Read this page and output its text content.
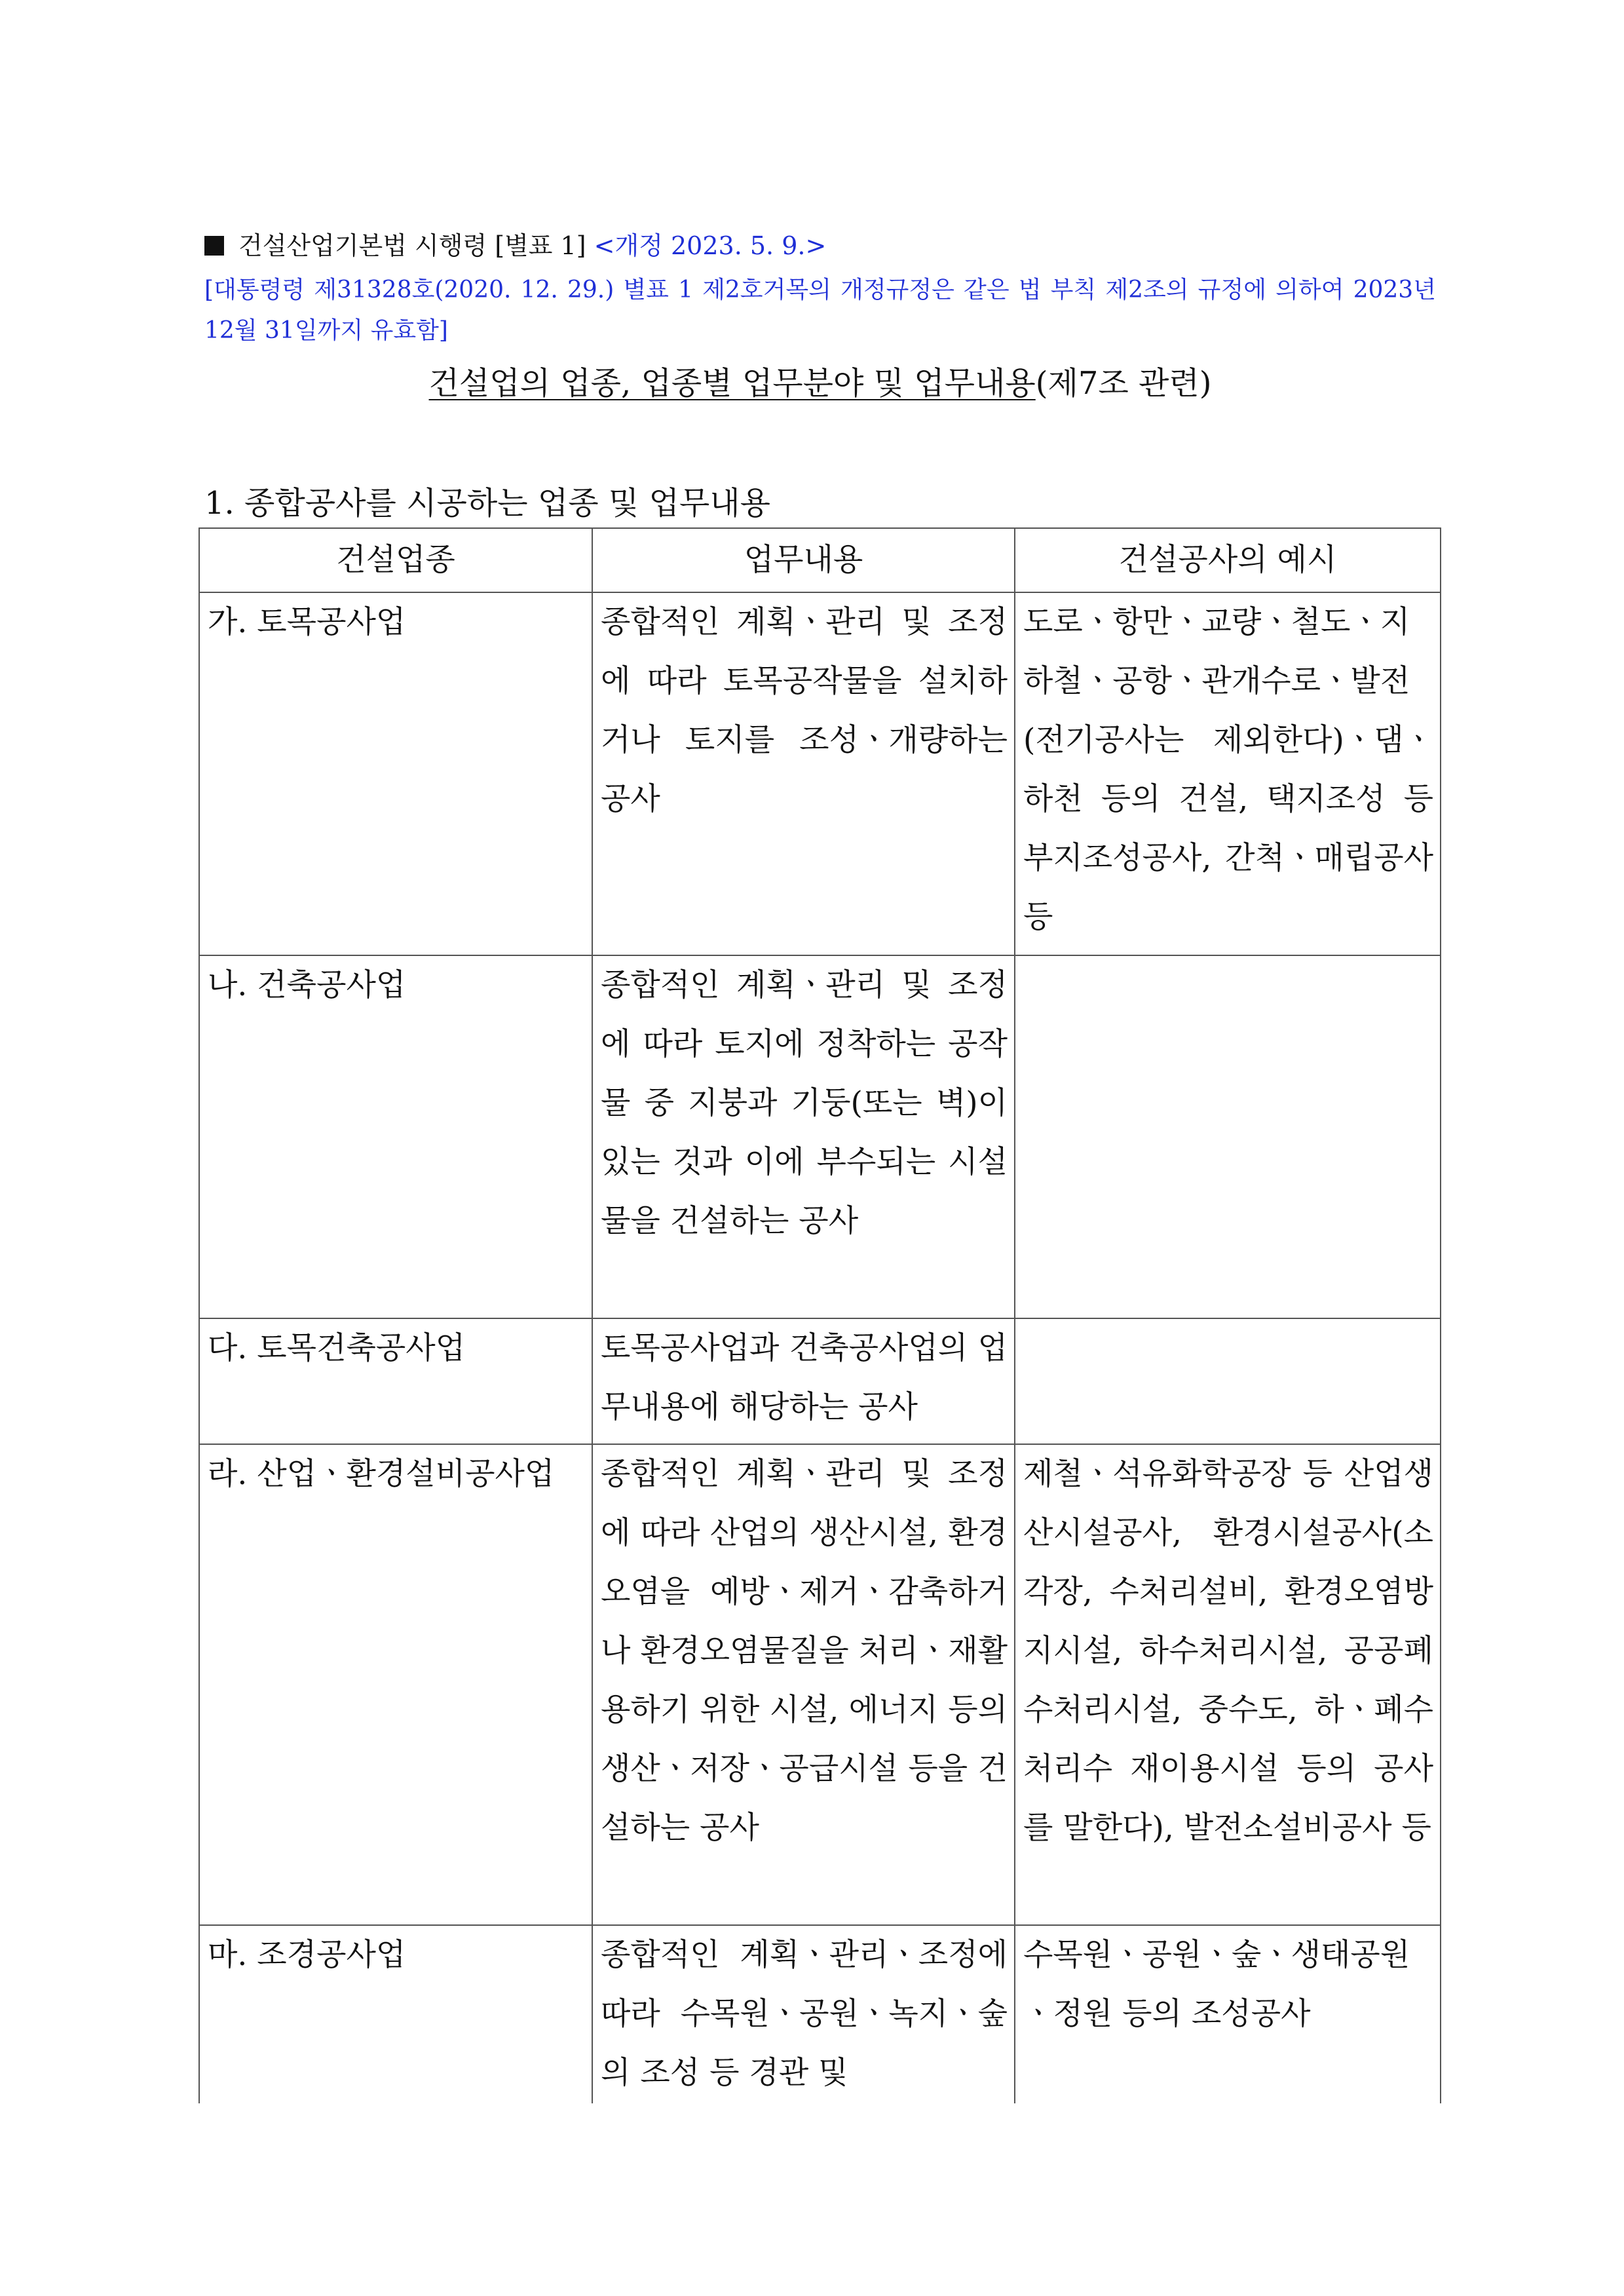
건설산업기본법 시행령 [별표 1] <개정 2023. 5. 9.>
[대통령령 제31328호(2020. 12. 29.) 별표 1 제2호거목의 개정규정은 같은 법 부칙 제2조의 규정에 의하여 2023년 12월 31일까지 유효함]
건설업의 업종, 업종별 업무분야 및 업무내용(제7조 관련)
1. 종합공사를 시공하는 업종 및 업무내용
건설업종	업무내용	건설공사의 예시
가. 토목공사업	종합적인 계획ㆍ관리 및 조정에 따라 토목공작물을 설치하거나 토지를 조성ㆍ개량하는 공사	도로ㆍ항만ㆍ교량ㆍ철도ㆍ지하철ㆍ공항ㆍ관개수로ㆍ발전(전기공사는 제외한다)ㆍ댐ㆍ하천 등의 건설, 택지조성 등 부지조성공사, 간척ㆍ매립공사 등
나. 건축공사업	종합적인 계획ㆍ관리 및 조정에 따라 토지에 정착하는 공작물 중 지붕과 기둥(또는 벽)이 있는 것과 이에 부수되는 시설물을 건설하는 공사	
다. 토목건축공사업	토목공사업과 건축공사업의 업무내용에 해당하는 공사	
라. 산업ㆍ환경설비공사업	종합적인 계획ㆍ관리 및 조정에 따라 산업의 생산시설, 환경오염을 예방ㆍ제거ㆍ감축하거나 환경오염물질을 처리ㆍ재활용하기 위한 시설, 에너지 등의 생산ㆍ저장ㆍ공급시설 등을 건설하는 공사	제철ㆍ석유화학공장 등 산업생산시설공사, 환경시설공사(소각장, 수처리설비, 환경오염방지시설, 하수처리시설, 공공폐수처리시설, 중수도, 하ㆍ폐수처리수 재이용시설 등의 공사를 말한다), 발전소설비공사 등
마. 조경공사업	종합적인 계획ㆍ관리ㆍ조정에 따라 수목원ㆍ공원ㆍ녹지ㆍ숲의 조성 등 경관 및	수목원ㆍ공원ㆍ숲ㆍ생태공원ㆍ정원 등의 조성공사
